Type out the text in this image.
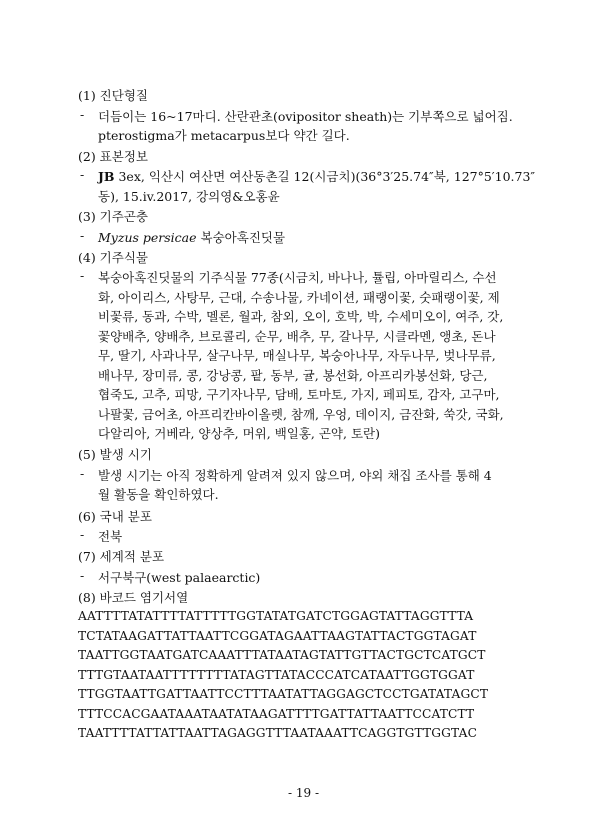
(1) 진단형질
- 더듬이는 16~17마디. 산란관초(ovipositor sheath)는 기부쪽으로 넓어짐.
pterostigma가 metacarpus보다 약간 길다.
(2) 표본정보
- JB 3ex, 익산시 여산면 여산동촌길 12(시금치)(36°3′25.74″북, 127°5′10.73″
동), 15.iv.2017, 강의영&오홍윤
(3) 기주곤충
- Myzus persicae 복숭아혹진딧물
(4) 기주식물
- 복숭아혹진딧물의 기주식물 77종(시금치, 바나나, 튤립, 아마릴리스, 수선
화, 아이리스, 사탕무, 근대, 수송나물, 카네이션, 패랭이꽃, 숫패랭이꽃, 제
비꽃류, 동과, 수박, 멜론, 월과, 참외, 오이, 호박, 박, 수세미오이, 여주, 갓,
꽃양배추, 양배추, 브로콜리, 순무, 배추, 무, 갈나무, 시클라멘, 앵초, 돈나
무, 딸기, 사과나무, 살구나무, 매실나무, 복숭아나무, 자두나무, 벚나무류,
배나무, 장미류, 콩, 강낭콩, 팥, 동부, 귤, 봉선화, 아프리카봉선화, 당근,
협죽도, 고추, 피망, 구기자나무, 담배, 토마토, 가지, 페피토, 감자, 고구마,
나팔꽃, 금어초, 아프리칸바이올렛, 참깨, 우엉, 데이지, 금잔화, 쑥갓, 국화,
다알리아, 거베라, 양상추, 머위, 백일홍, 곤약, 토란)
(5) 발생 시기
- 발생 시기는 아직 정확하게 알려져 있지 않으며, 야외 채집 조사를 통해 4
월 활동을 확인하였다.
(6) 국내 분포
- 전북
(7) 세계적 분포
- 서구북구(west palaearctic)
(8) 바코드 염기서열
AATTTTATATTTTATTTTTGGTATATGATCTGGAGTATTAGGTTTA
TCTATAAGATTATTAATTCGGATAGAATTAAGTATTACTGGTAGAT
TAATTGGTAATGATCAAATTTATAATAGTATTGTTACTGCTCATGCT
TTTGTAATAATTTTTTTTATAGTTATACCCATCATAATTGGTGGAT
TTGGTAATTGATTAATTCCTTTAATATTAGGAGCTCCTGATATAGCT
TTTCCACGAATAAATAATATAAGATTTTGATTATTAATTCCATCTT
TAATTTTATTATTAATTAGAGGTTTAATAAATTCAGGTGTTGGTAC
- 19 -
